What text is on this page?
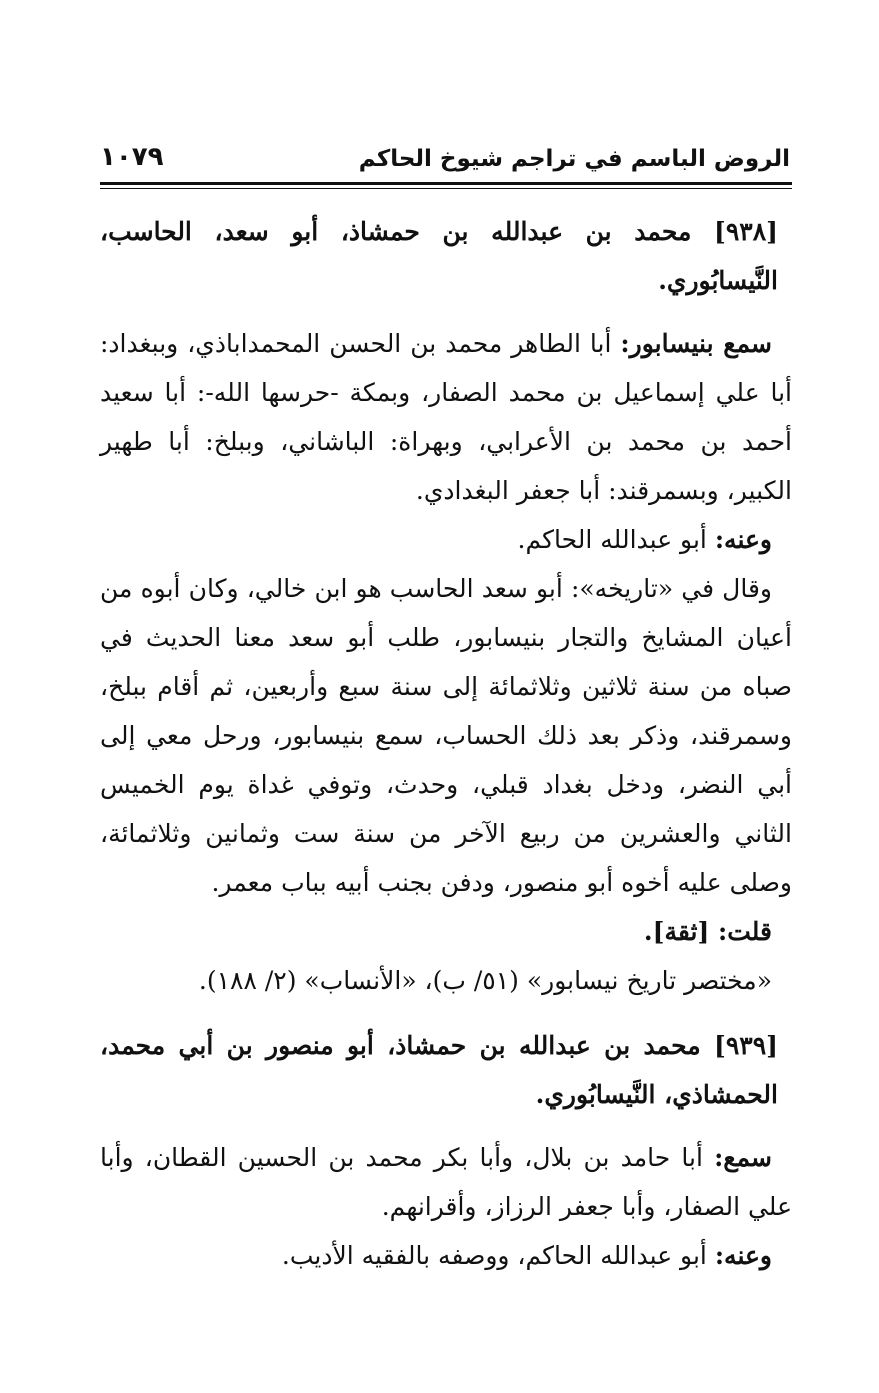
الروض الباسم في تراجم شيوخ الحاكم
١٠٧٩

[٩٣٨] محمد بن عبدالله بن حمشاذ، أبو سعد، الحاسب، النَّيسابُوري.

سمع بنيسابور: أبا الطاهر محمد بن الحسن المحمداباذي، وببغداد: أبا علي إسماعيل بن محمد الصفار، وبمكة -حرسها الله-: أبا سعيد أحمد بن محمد بن الأعرابي، وبهراة: الباشاني، وببلخ: أبا طهير الكبير، وبسمرقند: أبا جعفر البغدادي.

وعنه: أبو عبدالله الحاكم.

وقال في «تاريخه»: أبو سعد الحاسب هو ابن خالي، وكان أبوه من أعيان المشايخ والتجار بنيسابور، طلب أبو سعد معنا الحديث في صباه من سنة ثلاثين وثلاثمائة إلى سنة سبع وأربعين، ثم أقام ببلخ، وسمرقند، وذكر بعد ذلك الحساب، سمع بنيسابور، ورحل معي إلى أبي النضر، ودخل بغداد قبلي، وحدث، وتوفي غداة يوم الخميس الثاني والعشرين من ربيع الآخر من سنة ست وثمانين وثلاثمائة، وصلى عليه أخوه أبو منصور، ودفن بجنب أبيه بباب معمر.

قلت: [ثقة].

«مختصر تاريخ نيسابور» (٥١/ ب)، «الأنساب» (٢/ ١٨٨).

[٩٣٩] محمد بن عبدالله بن حمشاذ، أبو منصور بن أبي محمد، الحمشاذي، النَّيسابُوري.

سمع: أبا حامد بن بلال، وأبا بكر محمد بن الحسين القطان، وأبا علي الصفار، وأبا جعفر الرزاز، وأقرانهم.

وعنه: أبو عبدالله الحاكم، ووصفه بالفقيه الأديب.
